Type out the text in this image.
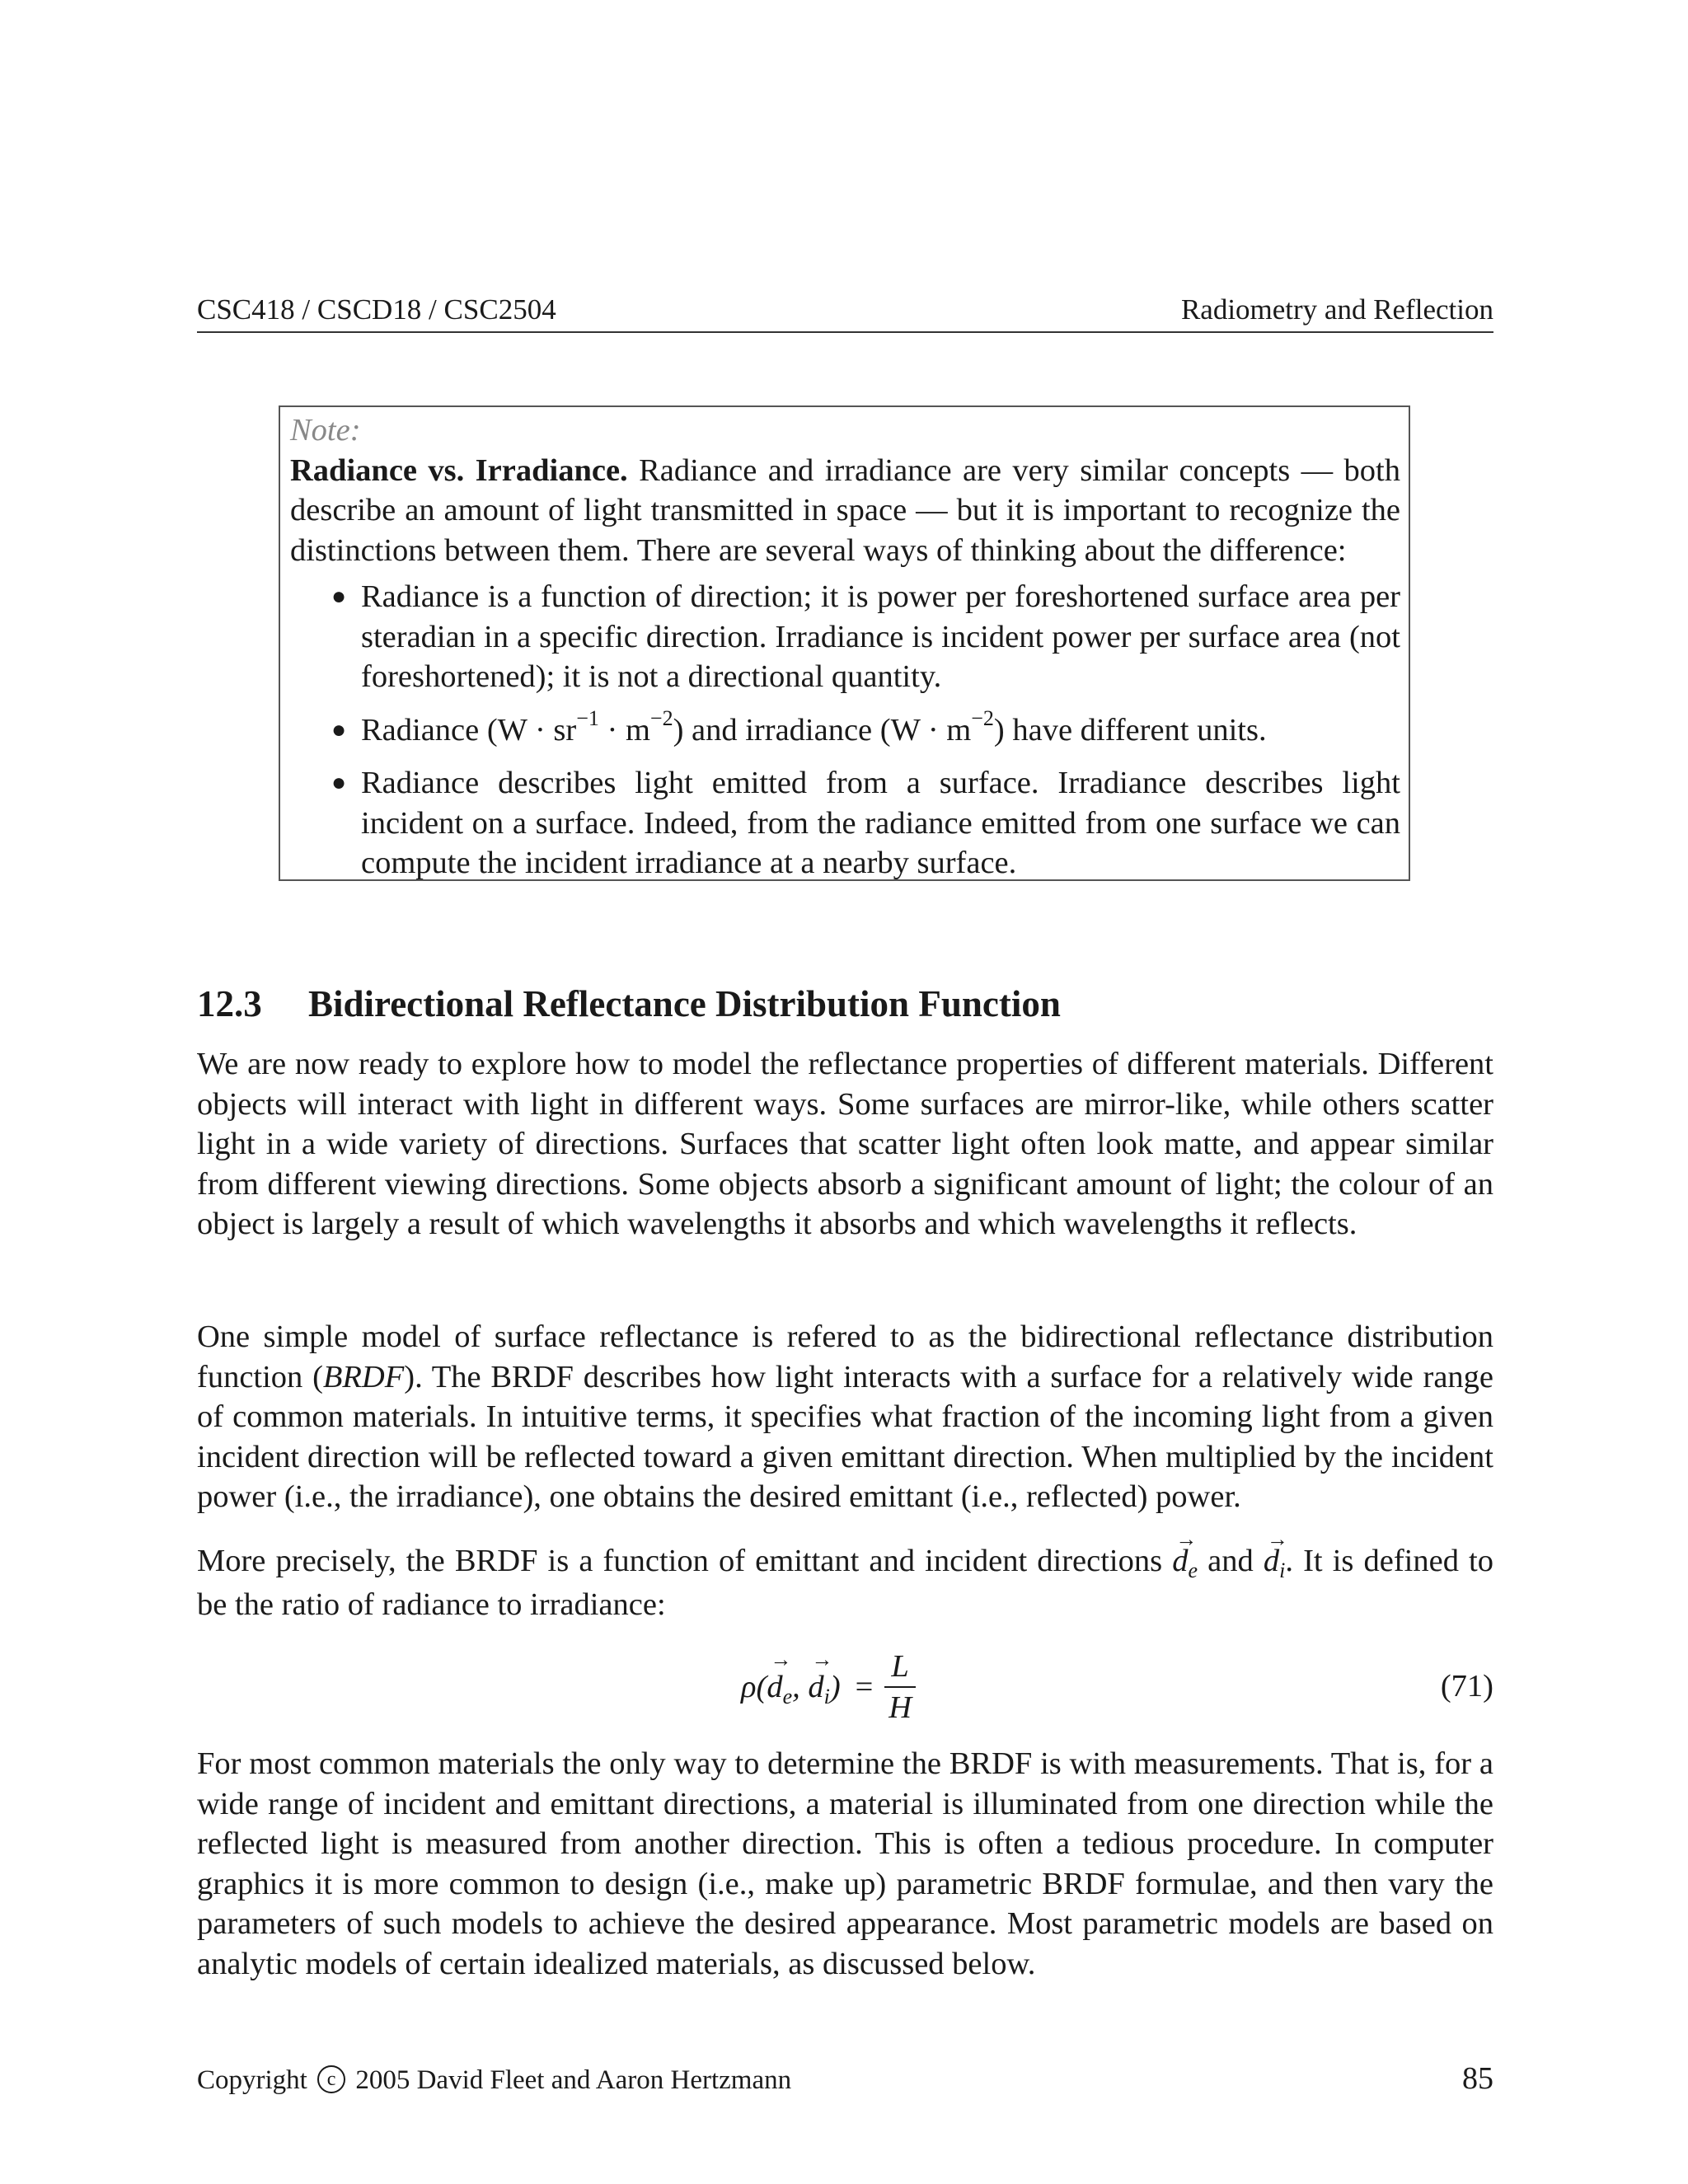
CSC418 / CSCD18 / CSC2504	Radiometry and Reflection
Note:

Radiance vs. Irradiance. Radiance and irradiance are very similar concepts — both describe an amount of light transmitted in space — but it is important to recognize the distinctions between them. There are several ways of thinking about the difference:

● Radiance is a function of direction; it is power per foreshortened surface area per steradian in a specific direction. Irradiance is incident power per surface area (not foreshortened); it is not a directional quantity.
● Radiance $(W \cdot sr^{-1} \cdot m^{-2})$ and irradiance $(W \cdot m^{-2})$ have different units.
● Radiance describes light emitted from a surface. Irradiance describes light incident on a surface. Indeed, from the radiance emitted from one surface we can compute the incident irradiance at a nearby surface.
12.3 Bidirectional Reflectance Distribution Function

We are now ready to explore how to model the reflectance properties of different materials. Different objects will interact with light in different ways. Some surfaces are mirror-like, while others scatter light in a wide variety of directions. Surfaces that scatter light often look matte, and appear similar from different viewing directions. Some objects absorb a significant amount of light; the colour of an object is largely a result of which wavelengths it absorbs and which wavelengths it reflects.

One simple model of surface reflectance is refered to as the bidirectional reflectance distribution function (BRDF). The BRDF describes how light interacts with a surface for a relatively wide range of common materials. In intuitive terms, it specifies what fraction of the incoming light from a given incident direction will be reflected toward a given emittant direction. When multiplied by the incident power (i.e., the irradiance), one obtains the desired emittant (i.e., reflected) power.

More precisely, the BRDF is a function of emittant and incident directions → $d_e$ and → $d_i$. It is defined to be the ratio of radiance to irradiance:

$\rho(\to d_e$, → $d_i) = \frac{L}{H}$	(71)

For most common materials the only way to determine the BRDF is with measurements. That is, for a wide range of incident and emittant directions, a material is illuminated from one direction while the reflected light is measured from another direction. This is often a tedious procedure. In computer graphics it is more common to design (i.e., make up) parametric BRDF formulae, and then vary the parameters of such models to achieve the desired appearance. Most parametric models are based on analytic models of certain idealized materials, as discussed below.

Copyright c 2005 David Fleet and Aaron Hertzmann	85
